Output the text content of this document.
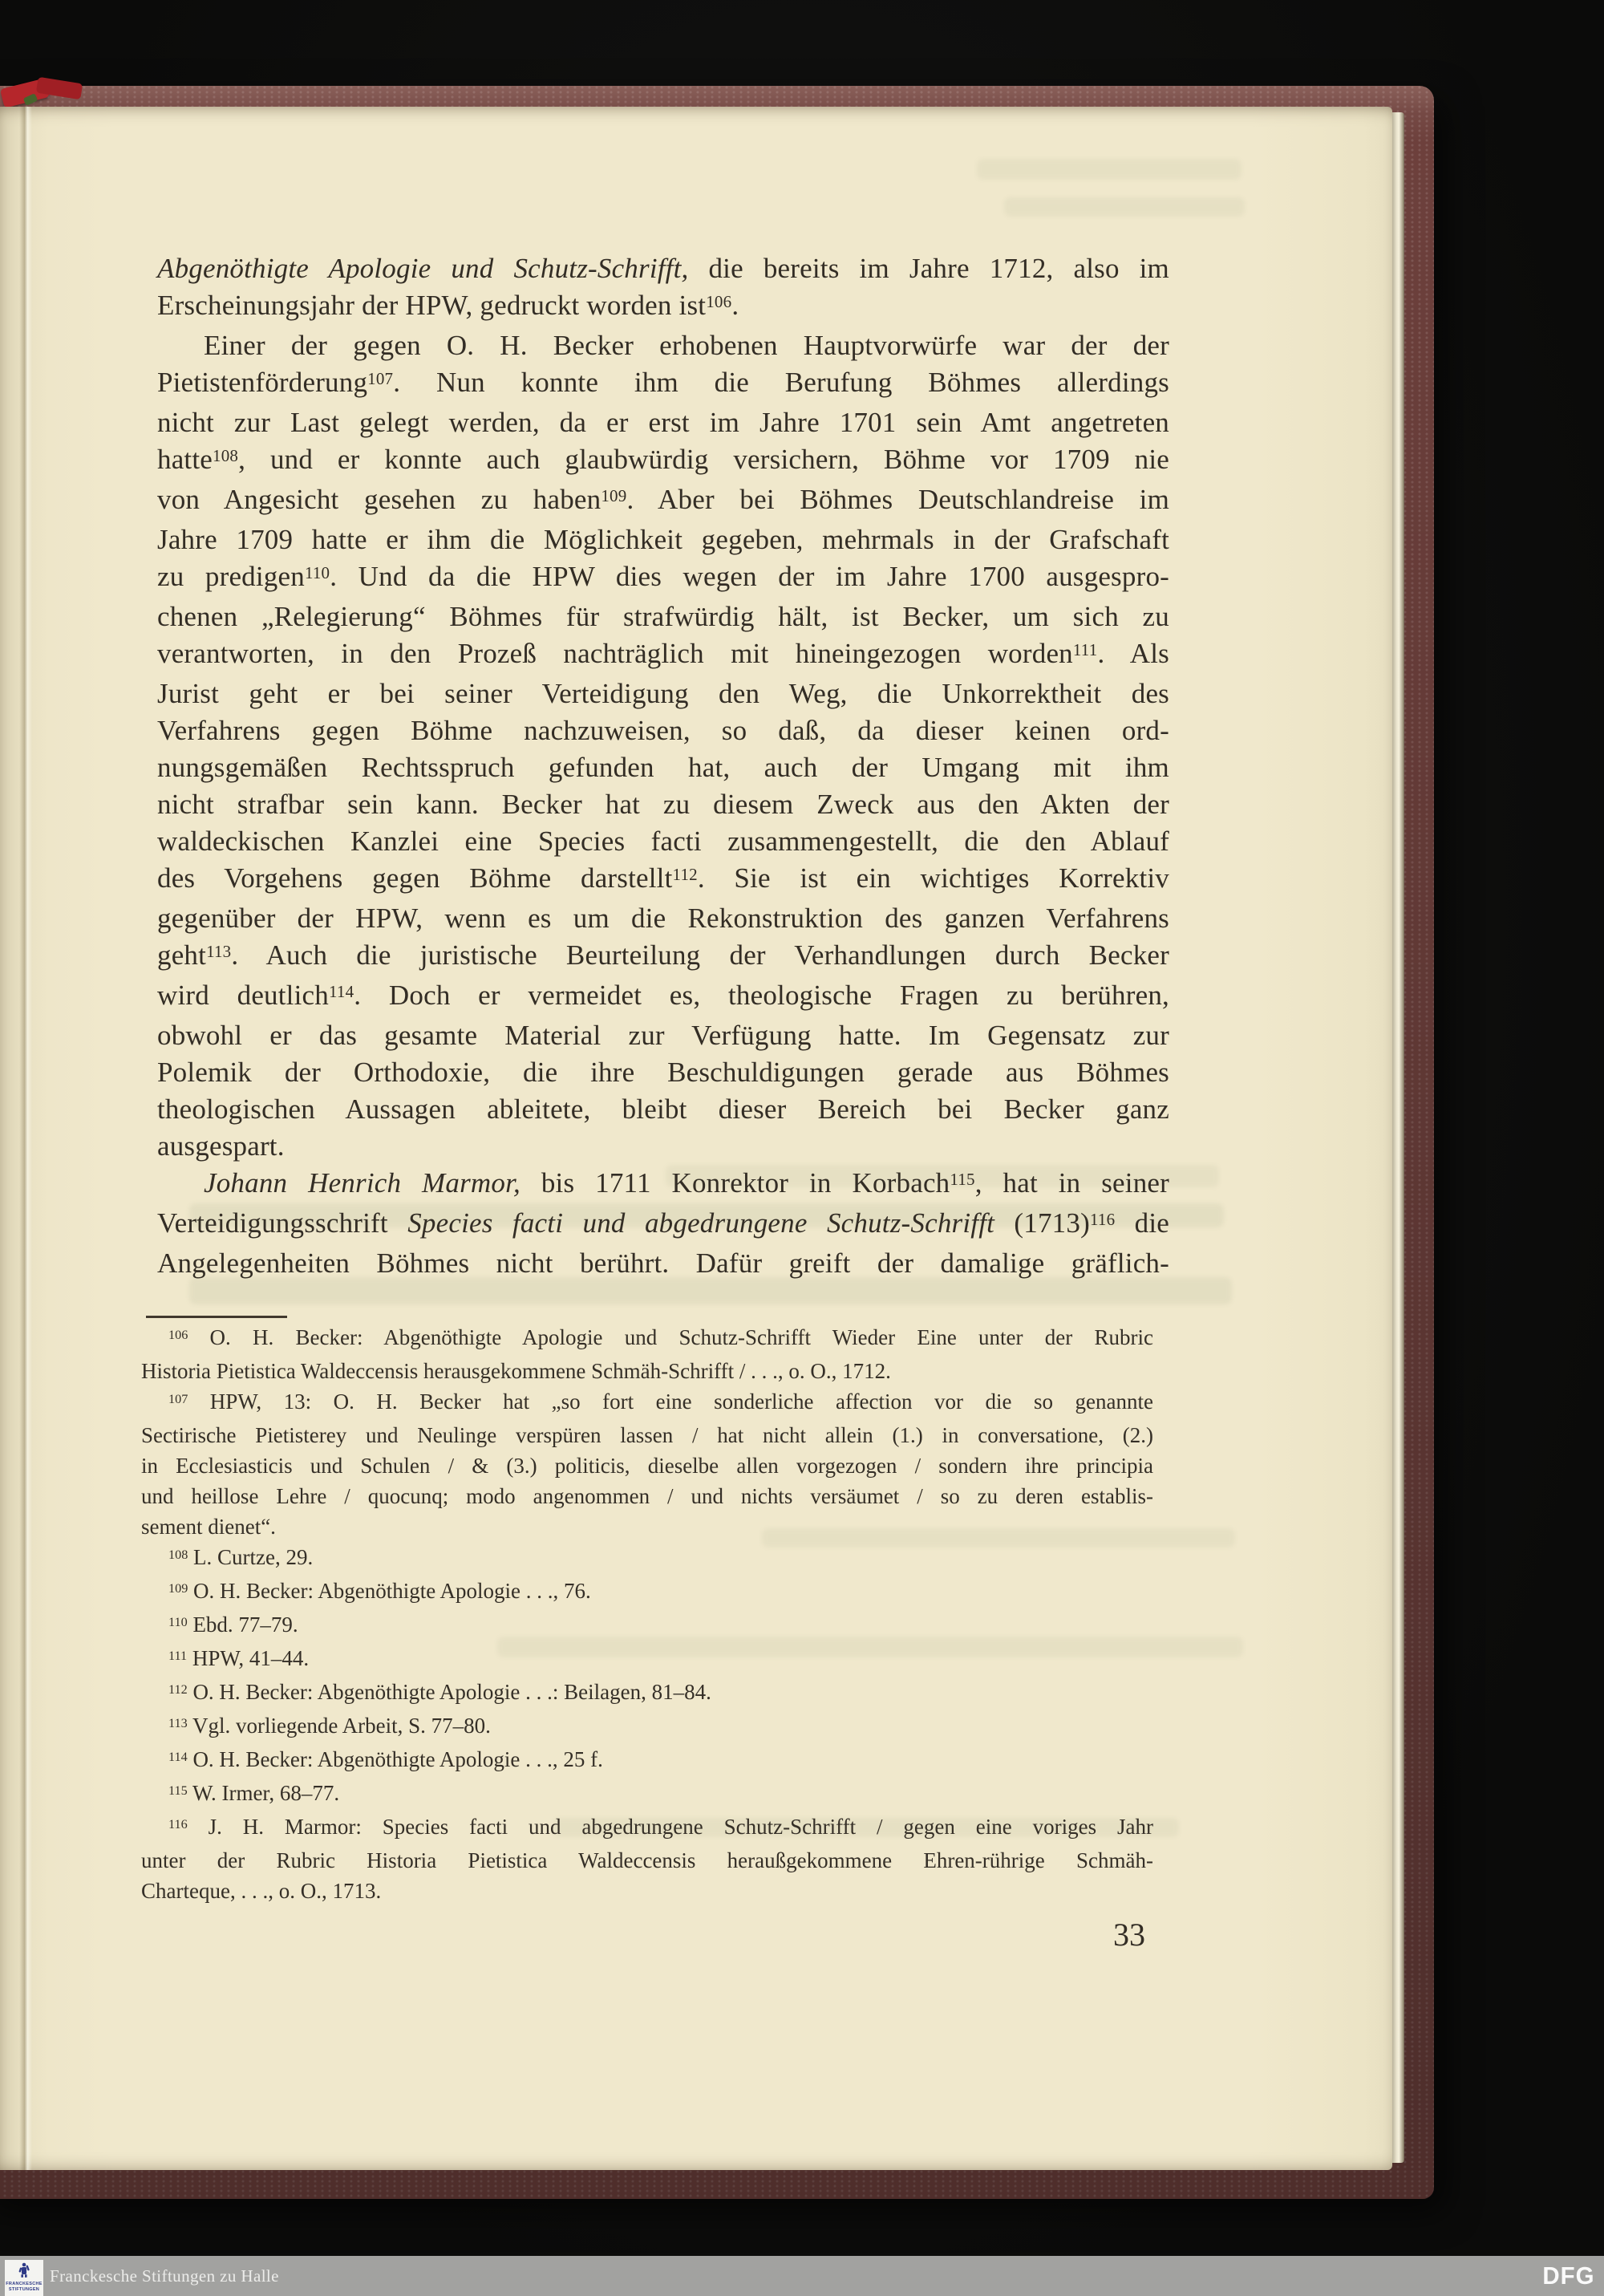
Abgenöthigte Apologie und Schutz-Schrifft, die bereits im Jahre 1712, also im
Erscheinungsjahr der HPW, gedruckt worden ist$^{106}$.
Einer der gegen O. H. Becker erhobenen Hauptvorwürfe war der der
Pietistenförderung$^{107}$. Nun konnte ihm die Berufung Böhmes allerdings
nicht zur Last gelegt werden, da er erst im Jahre 1701 sein Amt angetreten
hatte$^{108}$, und er konnte auch glaubwürdig versichern, Böhme vor 1709 nie
von Angesicht gesehen zu haben$^{109}$. Aber bei Böhmes Deutschlandreise im
Jahre 1709 hatte er ihm die Möglichkeit gegeben, mehrmals in der Grafschaft
zu predigen$^{110}$. Und da die HPW dies wegen der im Jahre 1700 ausgespro-
chenen „Relegierung“ Böhmes für strafwürdig hält, ist Becker, um sich zu
verantworten, in den Prozeß nachträglich mit hineingezogen worden$^{111}$. Als
Jurist geht er bei seiner Verteidigung den Weg, die Unkorrektheit des
Verfahrens gegen Böhme nachzuweisen, so daß, da dieser keinen ord-
nungsgemäßen Rechtsspruch gefunden hat, auch der Umgang mit ihm
nicht strafbar sein kann. Becker hat zu diesem Zweck aus den Akten der
waldeckischen Kanzlei eine Species facti zusammengestellt, die den Ablauf
des Vorgehens gegen Böhme darstellt$^{112}$. Sie ist ein wichtiges Korrektiv
gegenüber der HPW, wenn es um die Rekonstruktion des ganzen Verfahrens
geht$^{113}$. Auch die juristische Beurteilung der Verhandlungen durch Becker
wird deutlich$^{114}$. Doch er vermeidet es, theologische Fragen zu berühren,
obwohl er das gesamte Material zur Verfügung hatte. Im Gegensatz zur
Polemik der Orthodoxie, die ihre Beschuldigungen gerade aus Böhmes
theologischen Aussagen ableitete, bleibt dieser Bereich bei Becker ganz
ausgespart.
Johann Henrich Marmor, bis 1711 Konrektor in Korbach$^{115}$, hat in seiner
Verteidigungsschrift Species facti und abgedrungene Schutz-Schrifft $(1713)^{116}$ die
Angelegenheiten Böhmes nicht berührt. Dafür greift der damalige gräflich-
$^{106}$ O. H. Becker: Abgenöthigte Apologie und Schutz-Schrifft Wieder Eine unter der Rubric
Historia Pietistica Waldeccensis herausgekommene Schmäh-Schrifft / . . ., o. O., 1712.
$^{107}$ HPW, 13: O. H. Becker hat „so fort eine sonderliche affection vor die so genannte
Sectirische Pietisterey und Neulinge verspüren lassen / hat nicht allein (1.) in conversatione, (2.)
in Ecclesiasticis und Schulen / & (3.) politicis, dieselbe allen vorgezogen / sondern ihre principia
und heillose Lehre / quocunq; modo angenommen / und nichts versäumet / so zu deren establis-
sement dienet“.
$^{108}$ L. Curtze, 29.
$^{109}$ O. H. Becker: Abgenöthigte Apologie . . ., 76.
$^{110}$ Ebd. 77–79.
$^{111}$ HPW, 41–44.
$^{112}$ O. H. Becker: Abgenöthigte Apologie . . .: Beilagen, 81–84.
$^{113}$ Vgl. vorliegende Arbeit, S. 77–80.
$^{114}$ O. H. Becker: Abgenöthigte Apologie . . ., 25 f.
$^{115}$ W. Irmer, 68–77.
$^{116}$ J. H. Marmor: Species facti und abgedrungene Schutz-Schrifft / gegen eine voriges Jahr
unter der Rubric Historia Pietistica Waldeccensis heraußgekommene Ehren-rührige Schmäh-
Charteque, . . ., o. O., 1713.
33
FRANCKESCHE
STIFTUNGEN
Franckesche Stiftungen zu Halle	DFG
